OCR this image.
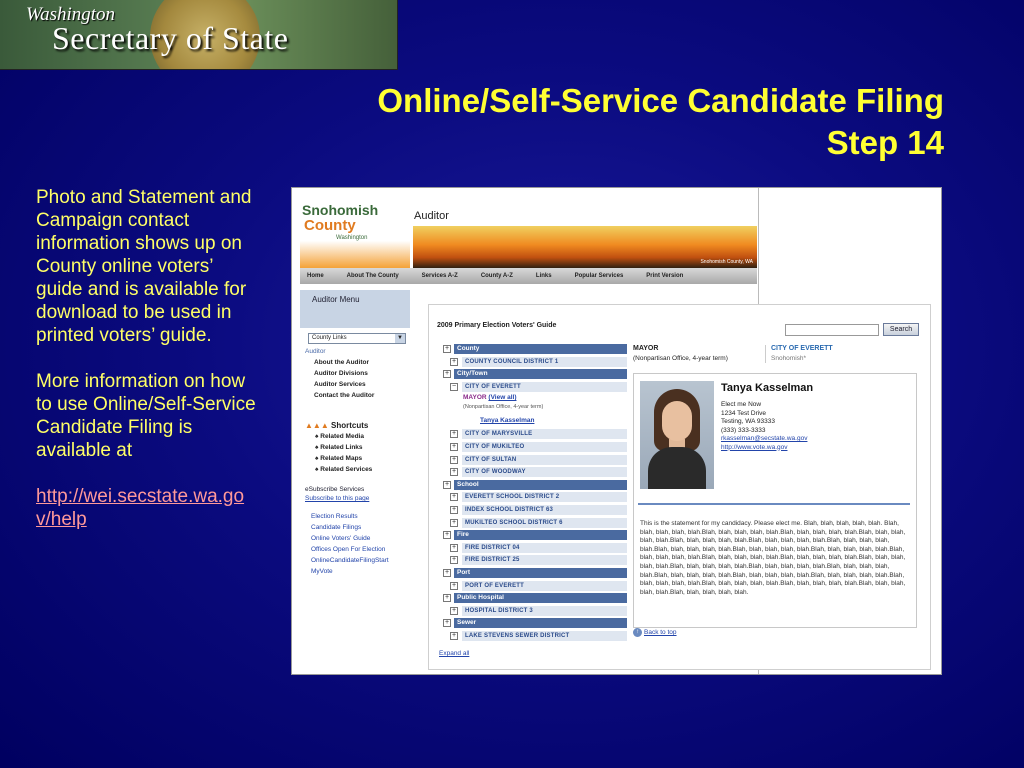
Washington
Secretary of State
Online/Self-Service Candidate Filing
Step 14

Photo and Statement and Campaign contact information shows up on County online voters’ guide and is available for download to be used in printed voters’ guide.

More information on how to use Online/Self-Service Candidate Filing is available at

http://wei.secstate.wa.gov/help
Snohomish
County
Washington
Auditor
Snohomish County, WA
Home	About The County	Services A-Z	County A-Z	Links	Popular Services	Print Version
Auditor Menu
County Links	▼
Auditor
About the Auditor
Auditor Divisions
Auditor Services
Contact the Auditor
▲▲▲ Shortcuts
♠ Related Media
♠ Related Links
♠ Related Maps
♠ Related Services
eSubscribe Services
Subscribe to this page
Election Results
Candidate Filings
Online Voters' Guide
Offices Open For Election
OnlineCandidateFilingStart
MyVote
2009 Primary Election Voters' Guide
Search
+	County
+	COUNTY COUNCIL DISTRICT 1
+	City/Town
−	CITY OF EVERETT
MAYOR (View all)
(Nonpartisan Office, 4-year term)
Tanya Kasselman
+	CITY OF MARYSVILLE
+	CITY OF MUKILTEO
+	CITY OF SULTAN
+	CITY OF WOODWAY
+	School
+	EVERETT SCHOOL DISTRICT 2
+	INDEX SCHOOL DISTRICT 63
+	MUKILTEO SCHOOL DISTRICT 6
+	Fire
+	FIRE DISTRICT 04
+	FIRE DISTRICT 25
+	Port
+	PORT OF EVERETT
+	Public Hospital
+	HOSPITAL DISTRICT 3
+	Sewer
+	LAKE STEVENS SEWER DISTRICT
Expand all
MAYOR
(Nonpartisan Office, 4-year term)
CITY OF EVERETT
Snohomish*
Tanya Kasselman
Elect me Now
1234 Test Drive
Testing, WA 93333
(333) 333-3333
rkasselman@secstate.wa.gov
http://www.vote.wa.gov
This is the statement for my candidacy. Please elect me. Blah, blah, blah, blah, blah. Blah, blah, blah, blah, blah.Blah, blah, blah, blah, blah.Blah, blah, blah, blah, blah.Blah, blah, blah, blah, blah.Blah, blah, blah, blah, blah.Blah, blah, blah, blah, blah.Blah, blah, blah, blah, blah.Blah, blah, blah, blah, blah.Blah, blah, blah, blah, blah.Blah, blah, blah, blah, blah.Blah, blah, blah, blah, blah.Blah, blah, blah, blah, blah.Blah, blah, blah, blah, blah.Blah, blah, blah, blah, blah.Blah, blah, blah, blah, blah.Blah, blah, blah, blah, blah.Blah, blah, blah, blah, blah.Blah, blah, blah, blah, blah.Blah, blah, blah, blah, blah.Blah, blah, blah, blah, blah.Blah, blah, blah, blah, blah.Blah, blah, blah, blah, blah.Blah, blah, blah, blah, blah.Blah, blah, blah, blah, blah.Blah, blah, blah, blah, blah.
↑ Back to top
